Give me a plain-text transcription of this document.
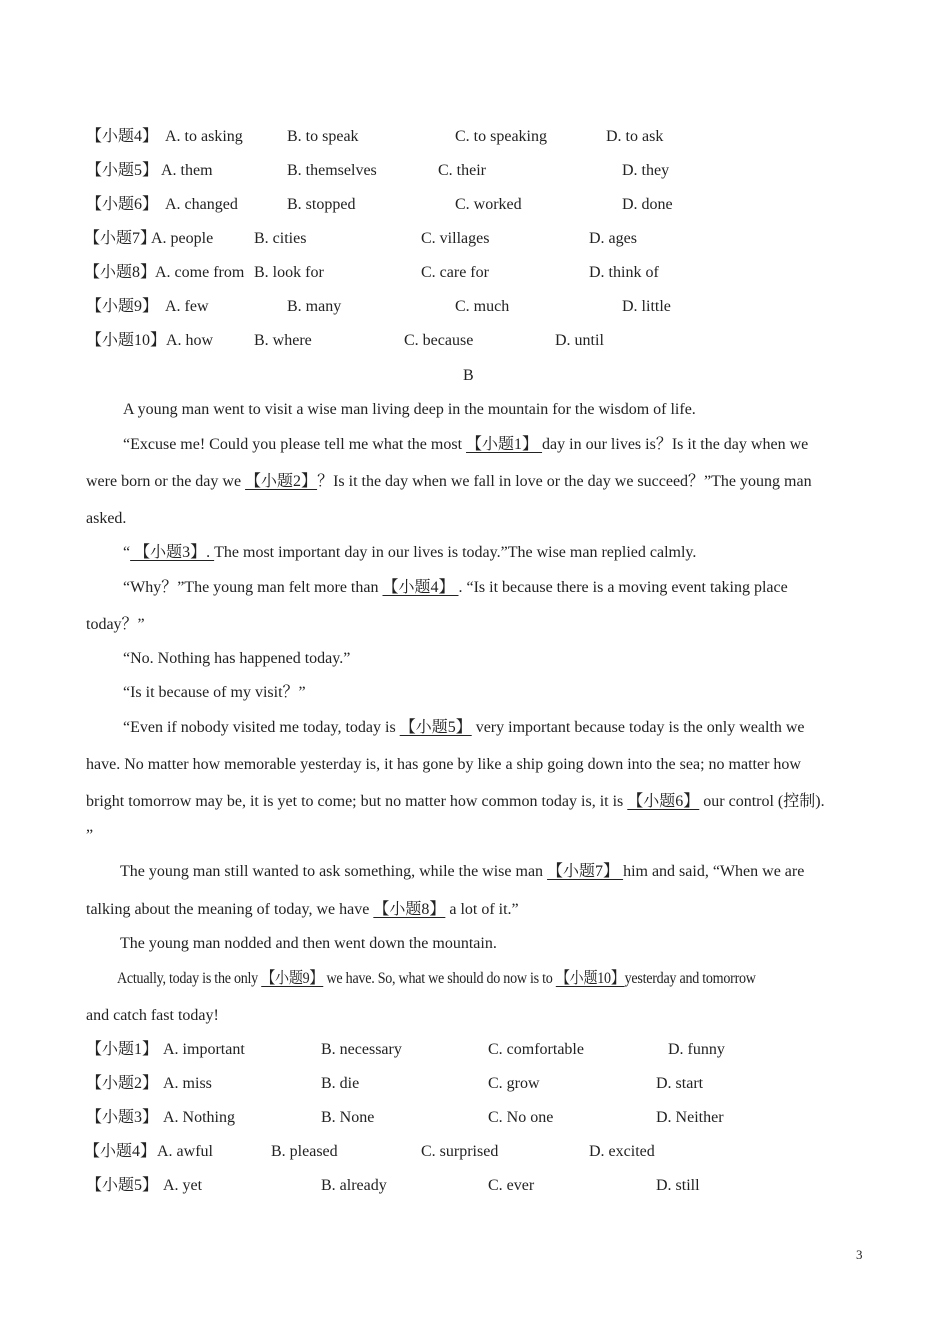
【小题4】 A. to asking	B. to speak	C. to speaking	D. to ask
【小题5】 A. them	B. themselves	C. their	D. they
【小题6】 A. changed	B. stopped	C. worked	D. done
【小题7】
A. people	B. cities	C. villages	D. ages
【小题8】
A. come from B. look for	C. care for	D. think of
【小题9】 A. few	B. many	C. much	D. little
【小题10】 A. how	B. where	C. because	D. until
B
A young man went to visit a wise man living deep in the mountain for the wisdom of life.
“Excuse me! Could you please tell me what the most 【小题1】 day in our lives is？Is it the day when we
were born or the day we 【小题2】？Is it the day when we fall in love or the day we succeed？”The young man
asked.
“ 【小题3】. The most important day in our lives is today.”The wise man replied calmly.
“Why？”The young man felt more than 【小题4】 . “Is it because there is a moving event taking place
today？”
“No. Nothing has happened today.”
“Is it because of my visit？”
“Even if nobody visited me today, today is 【小题5】 very important because today is the only wealth we
have. No matter how memorable yesterday is, it has gone by like a ship going down into the sea; no matter how
bright tomorrow may be, it is yet to come; but no matter how common today is, it is 【小题6】 our control (控制).
”
The young man still wanted to ask something, while the wise man 【小题7】 him and said, “When we are
talking about the meaning of today, we have 【小题8】 a lot of it.”
The young man nodded and then went down the mountain.
Actually, today is the only 【小题9】 we have. So, what we should do now is to 【小题10】yesterday and tomorrow
and catch fast today!
【小题1】 A. important	B. necessary	C. comfortable	D. funny
【小题2】 A. miss	B. die	C. grow	D. start
【小题3】 A. Nothing	B. None	C. No one	D. Neither
【小题4】 A. awful	B. pleased	C. surprised	D. excited
【小题5】 A. yet	B. already	C. ever	D. still
3
